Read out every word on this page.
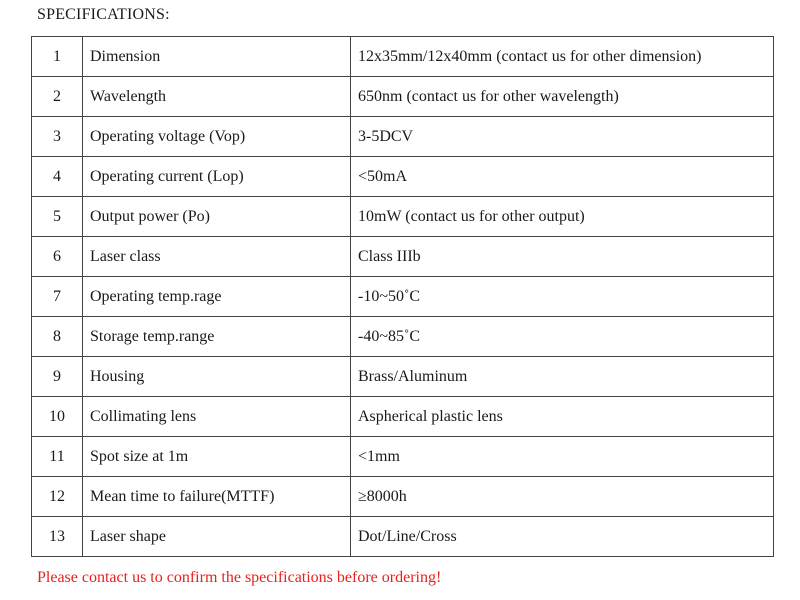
SPECIFICATIONS:
1	Dimension	12x35mm/12x40mm (contact us for other dimension)
2	Wavelength	650nm (contact us for other wavelength)
3	Operating voltage (Vop)	3-5DCV
4	Operating current (Lop)	<50mA
5	Output power (Po)	10mW (contact us for other output)
6	Laser class	Class IIIb
7	Operating temp.rage	-10~50˚C
8	Storage temp.range	-40~85˚C
9	Housing	Brass/Aluminum
10	Collimating lens	Aspherical plastic lens
11	Spot size at 1m	<1mm
12	Mean time to failure(MTTF)	≥8000h
13	Laser shape	Dot/Line/Cross
Please contact us to confirm the specifications before ordering!
